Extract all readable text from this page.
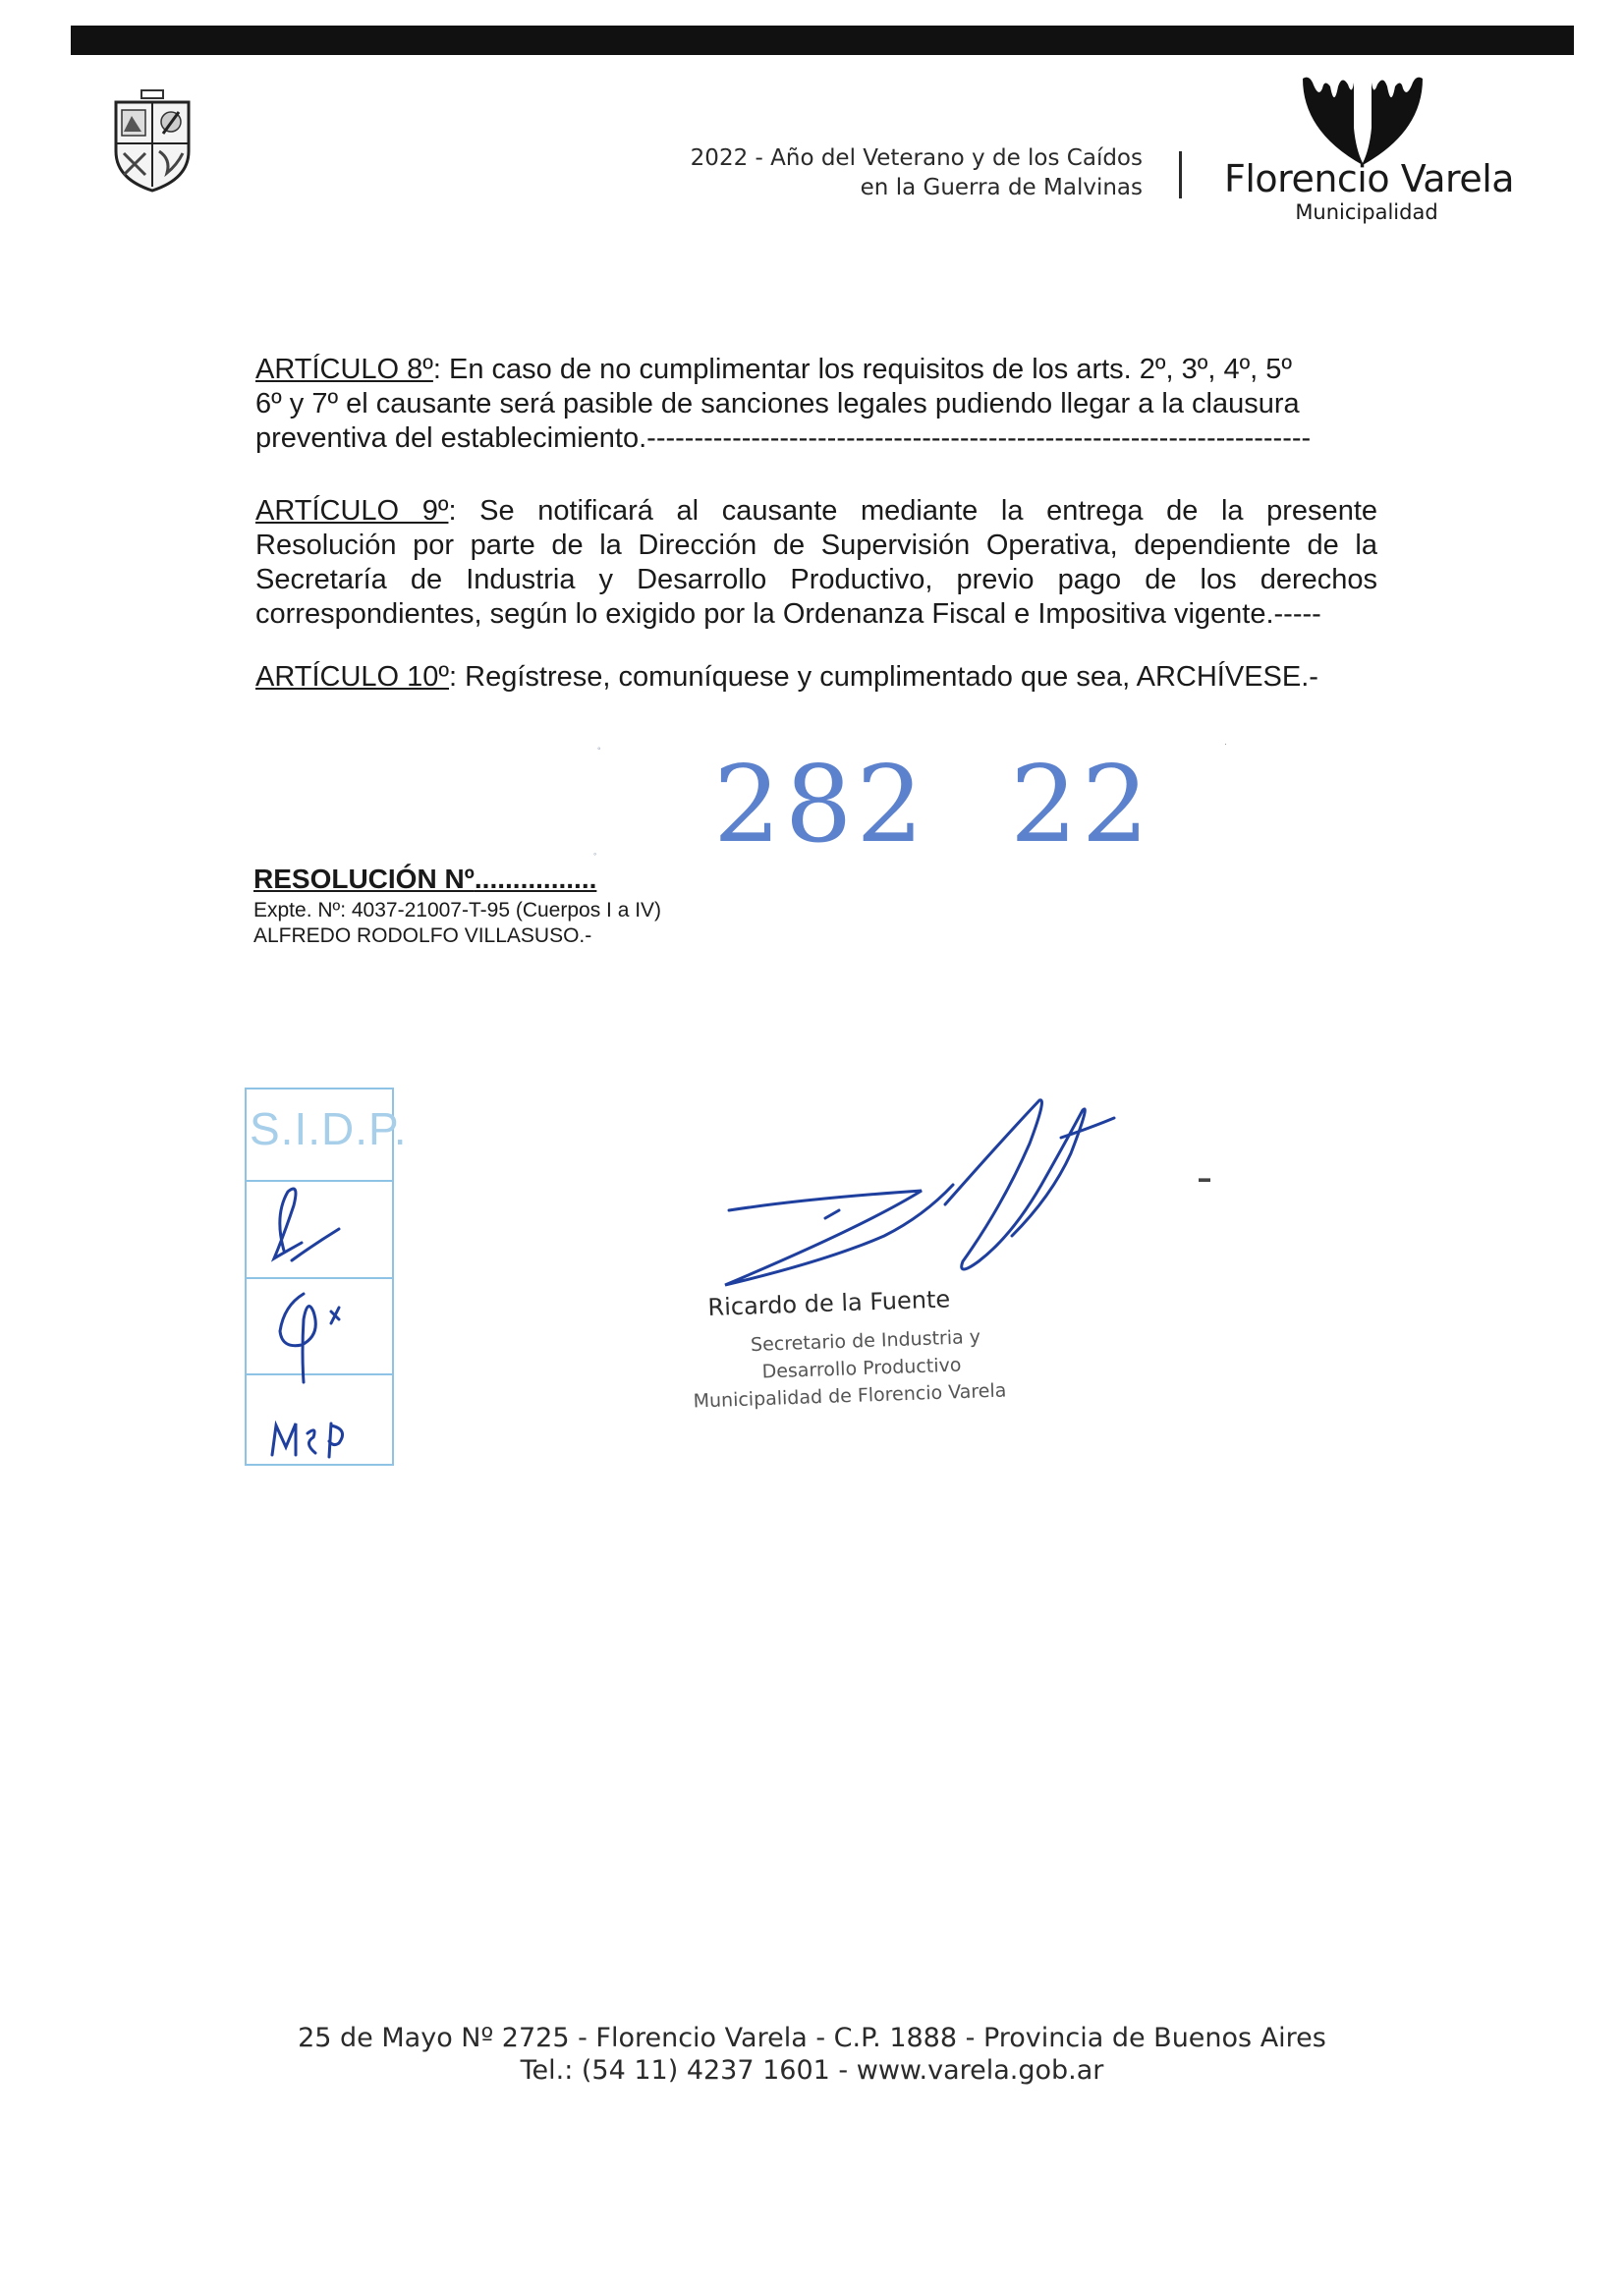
2022 - Año del Veterano y de los Caídos
en la Guerra de Malvinas Florencio Varela
Municipalidad
ARTÍCULO 8º: En caso de no cumplimentar los requisitos de los arts. 2º, 3º, 4º, 5º
6º y 7º el causante será pasible de sanciones legales pudiendo llegar a la clausura
preventiva del establecimiento.----------------------------------------------------------------------
ARTÍCULO 9º: Se notificará al causante mediante la entrega de la presente
Resolución por parte de la Dirección de Supervisión Operativa, dependiente de la
Secretaría de Industria y Desarrollo Productivo, previo pago de los derechos
correspondientes, según lo exigido por la Ordenanza Fiscal e Impositiva vigente.-----
ARTÍCULO 10º: Regístrese, comuníquese y cumplimentado que sea, ARCHÍVESE.-
◦
◦
·
282 22
RESOLUCIÓN Nº................
Expte. Nº: 4037-21007-T-95 (Cuerpos I a IV)
ALFREDO RODOLFO VILLASUSO.-
S.I.D.P.
▬
Ricardo de la Fuente
Secretario de Industria y
Desarrollo Productivo
Municipalidad de Florencio Varela
25 de Mayo Nº 2725 - Florencio Varela - C.P. 1888 - Provincia de Buenos Aires
Tel.: (54 11) 4237 1601 - www.varela.gob.ar
